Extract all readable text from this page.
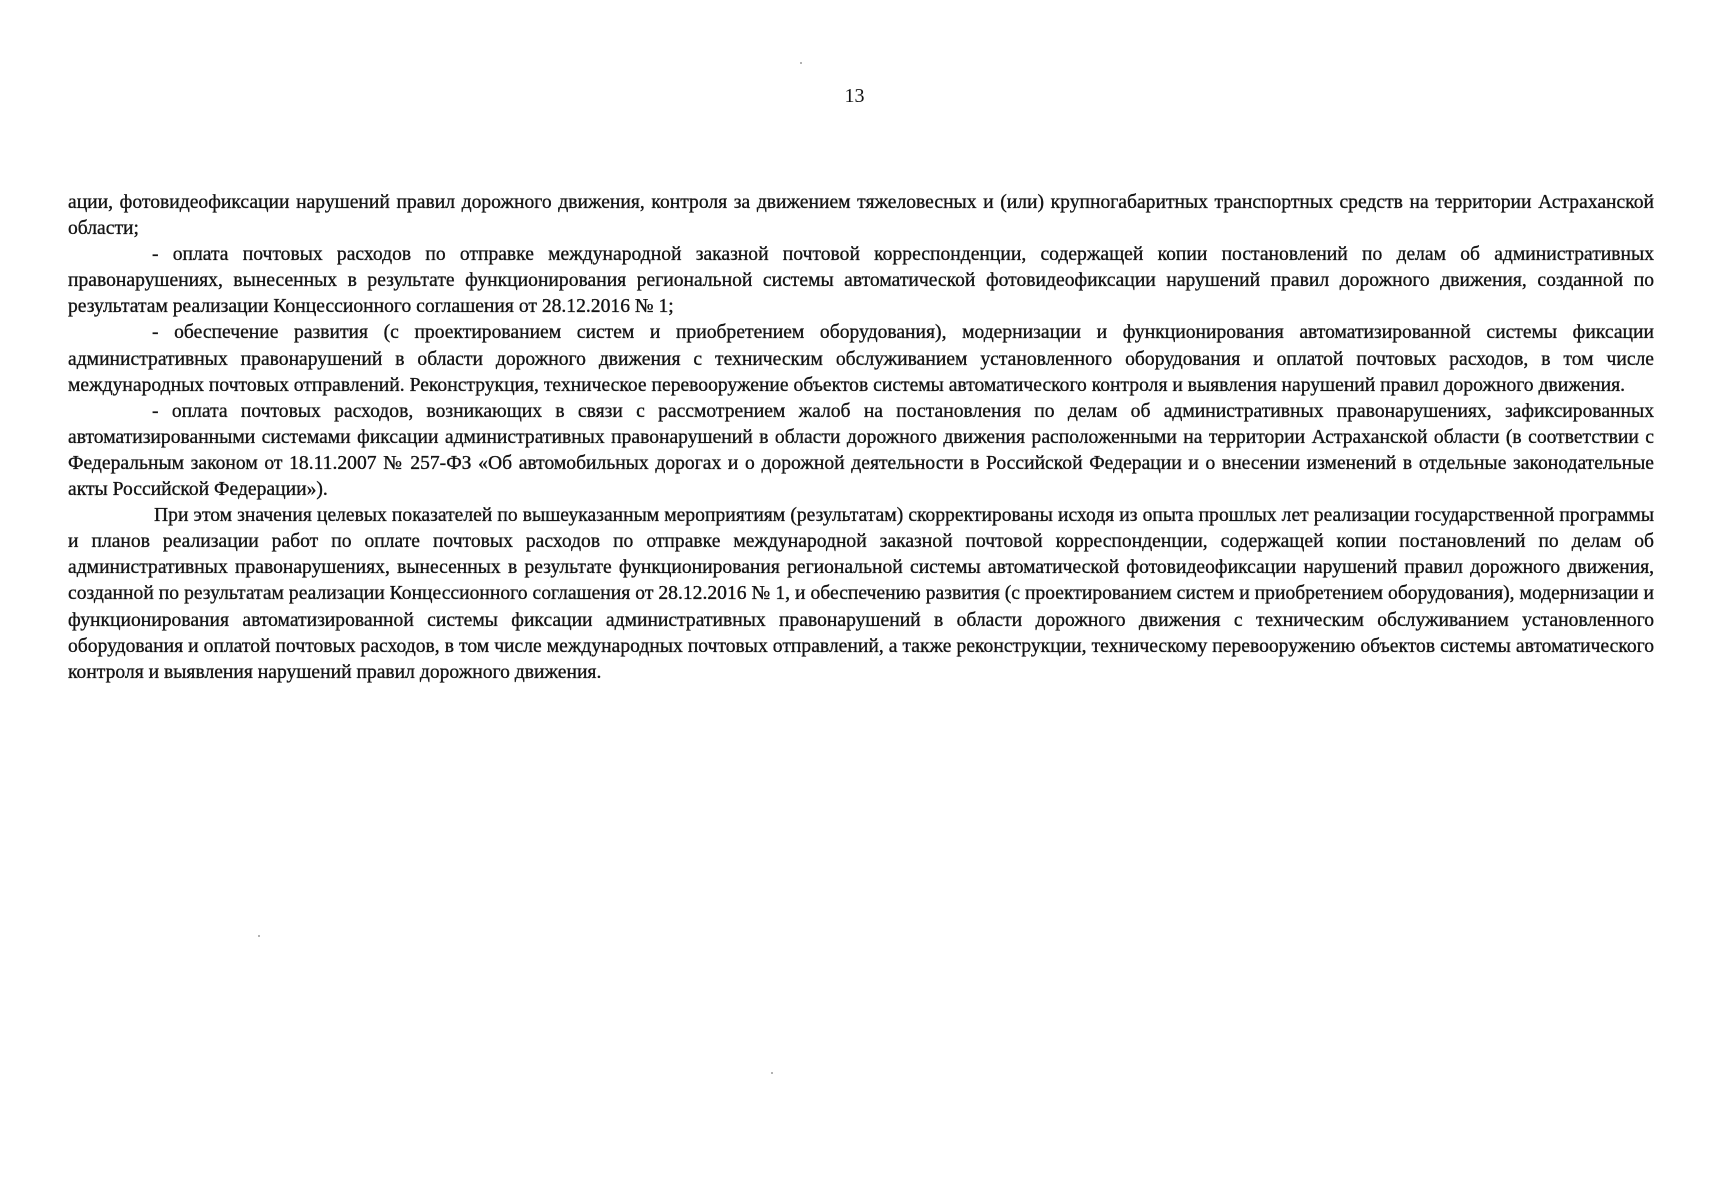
13

ации, фотовидеофиксации нарушений правил дорожного движения, контроля за движением тяжеловесных и (или) крупногабаритных транспортных средств на территории Астраханской области;

- оплата почтовых расходов по отправке международной заказной почтовой корреспонденции, содержащей копии постановлений по делам об административных правонарушениях, вынесенных в результате функционирования региональной системы автоматической фотовидеофиксации нарушений правил дорожного движения, созданной по результатам реализации Концессионного соглашения от 28.12.2016 № 1;

- обеспечение развития (с проектированием систем и приобретением оборудования), модернизации и функционирования автоматизированной системы фиксации административных правонарушений в области дорожного движения с техническим обслуживанием установленного оборудования и оплатой почтовых расходов, в том числе международных почтовых отправлений. Реконструкция, техническое перевооружение объектов системы автоматического контроля и выявления нарушений правил дорожного движения.

- оплата почтовых расходов, возникающих в связи с рассмотрением жалоб на постановления по делам об административных правонарушениях, зафиксированных автоматизированными системами фиксации административных правонарушений в области дорожного движения расположенными на территории Астраханской области (в соответствии с Федеральным законом от 18.11.2007 № 257-ФЗ «Об автомобильных дорогах и о дорожной деятельности в Российской Федерации и о внесении изменений в отдельные законодательные акты Российской Федерации»).

При этом значения целевых показателей по вышеуказанным мероприятиям (результатам) скорректированы исходя из опыта прошлых лет реализации государственной программы и планов реализации работ по оплате почтовых расходов по отправке международной заказной почтовой корреспонденции, содержащей копии постановлений по делам об административных правонарушениях, вынесенных в результате функционирования региональной системы автоматической фотовидеофиксации нарушений правил дорожного движения, созданной по результатам реализации Концессионного соглашения от 28.12.2016 № 1, и обеспечению развития (с проектированием систем и приобретением оборудования), модернизации и функционирования автоматизированной системы фиксации административных правонарушений в области дорожного движения с техническим обслуживанием установленного оборудования и оплатой почтовых расходов, в том числе международных почтовых отправлений, а также реконструкции, техническому перевооружению объектов системы автоматического контроля и выявления нарушений правил дорожного движения.
